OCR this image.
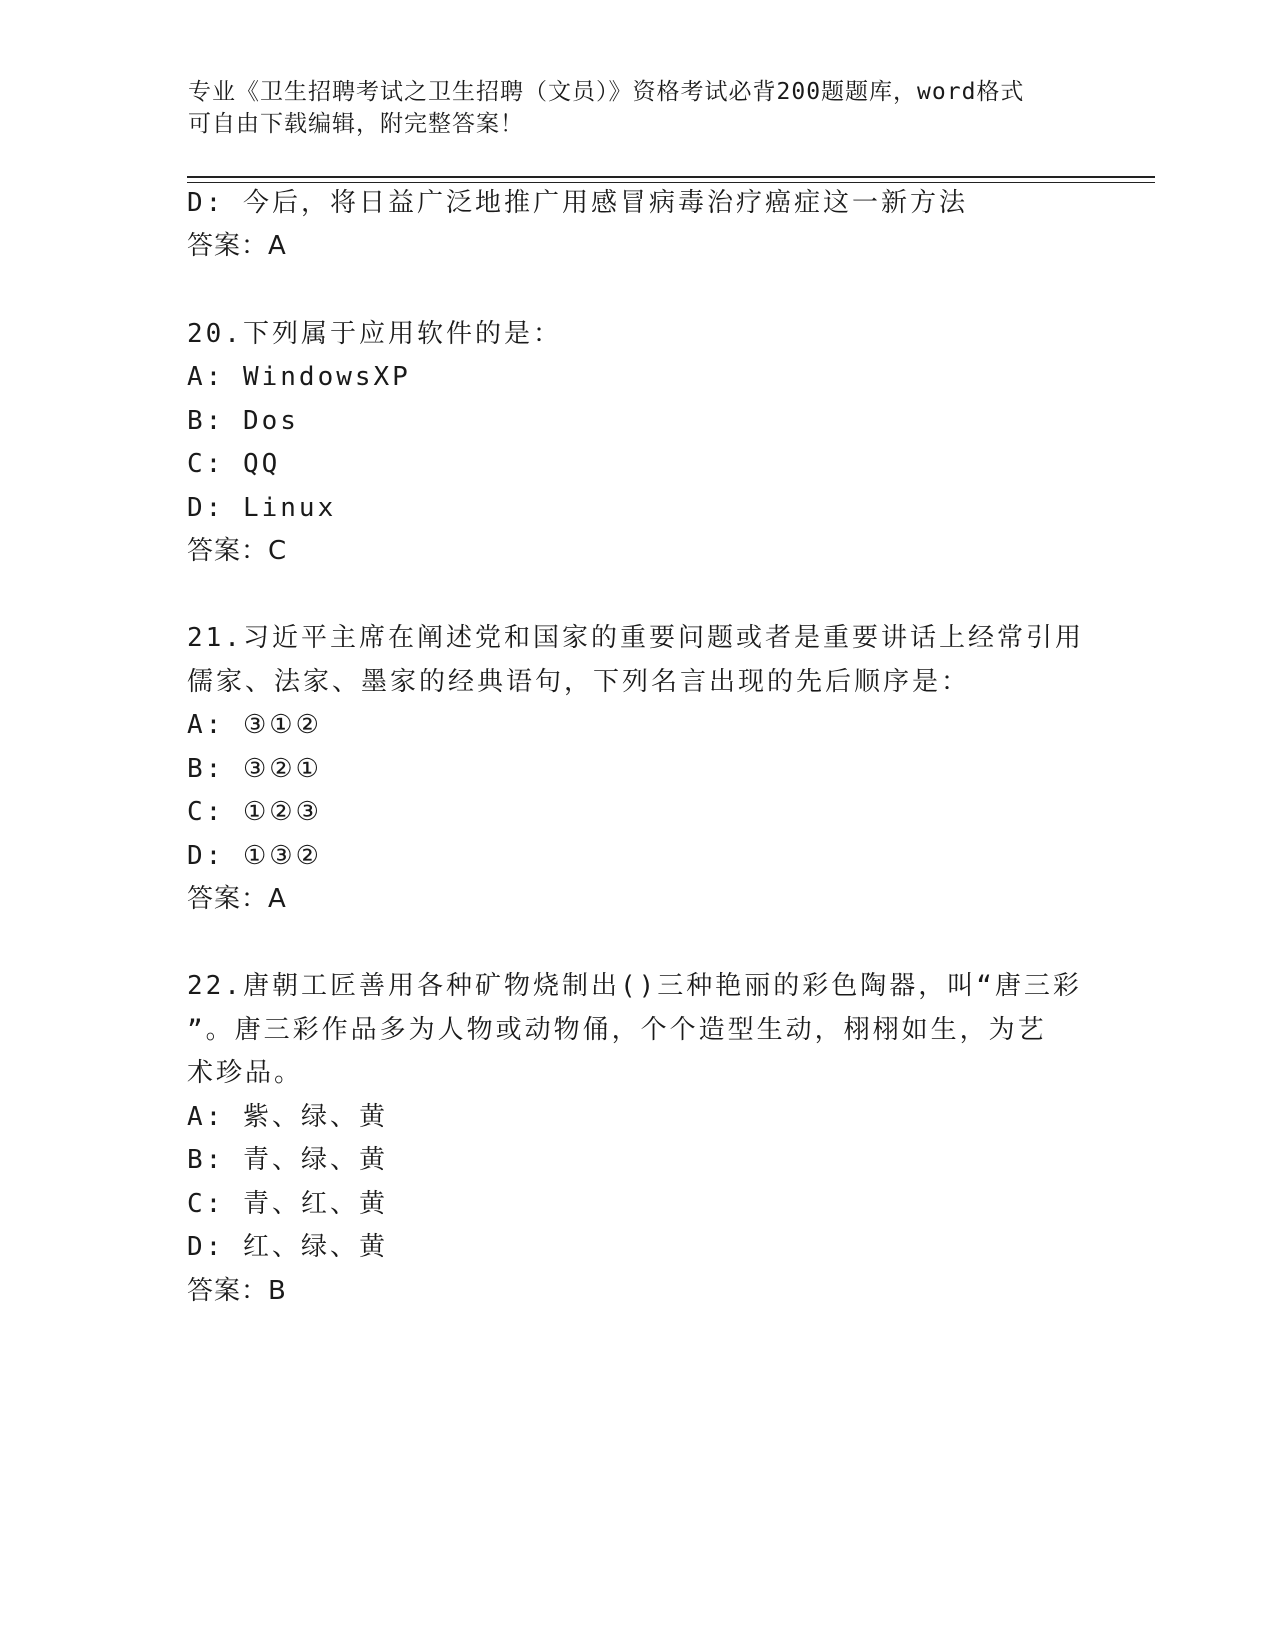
专业《卫生招聘考试之卫生招聘（文员）》资格考试必背200题题库，word格式
可自由下载编辑，附完整答案！
D: 今后，将日益广泛地推广用感冒病毒治疗癌症这一新方法
答案：A
20.下列属于应用软件的是：
A: WindowsXP
B: Dos
C: QQ
D: Linux
答案：C
21.习近平主席在阐述党和国家的重要问题或者是重要讲话上经常引用
儒家、法家、墨家的经典语句，下列名言出现的先后顺序是：
A: ③①②
B: ③②①
C: ①②③
D: ①③②
答案：A
22.唐朝工匠善用各种矿物烧制出()三种艳丽的彩色陶器，叫“唐三彩
”。唐三彩作品多为人物或动物俑，个个造型生动，栩栩如生，为艺
术珍品。
A: 紫、绿、黄
B: 青、绿、黄
C: 青、红、黄
D: 红、绿、黄
答案：B
